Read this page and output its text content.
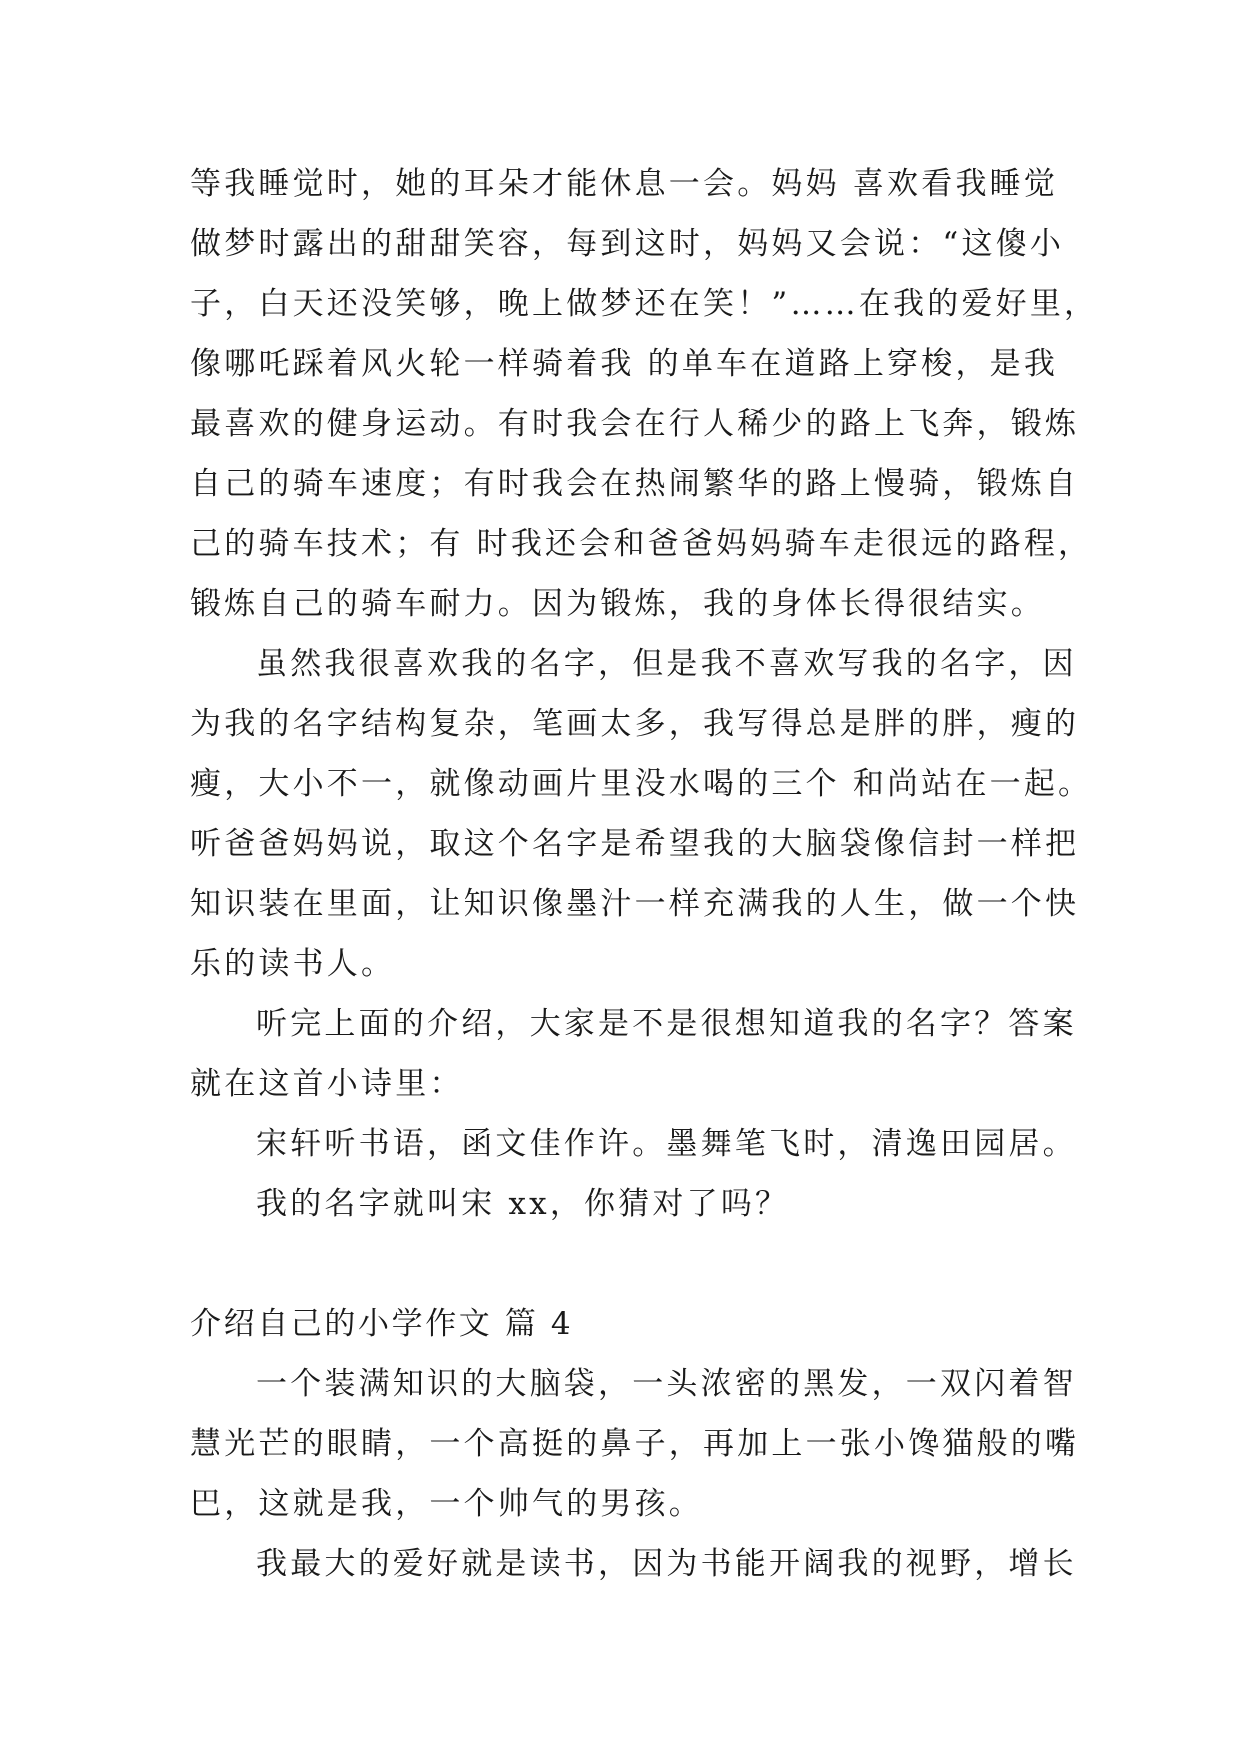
等我睡觉时，她的耳朵才能休息一会。妈妈 喜欢看我睡觉
做梦时露出的甜甜笑容，每到这时，妈妈又会说：“这傻小
子，白天还没笑够，晚上做梦还在笑！”……在我的爱好里，
像哪吒踩着风火轮一样骑着我 的单车在道路上穿梭，是我
最喜欢的健身运动。有时我会在行人稀少的路上飞奔，锻炼
自己的骑车速度；有时我会在热闹繁华的路上慢骑，锻炼自
己的骑车技术；有 时我还会和爸爸妈妈骑车走很远的路程，
锻炼自己的骑车耐力。因为锻炼，我的身体长得很结实。
虽然我很喜欢我的名字，但是我不喜欢写我的名字，因
为我的名字结构复杂，笔画太多，我写得总是胖的胖，瘦的
瘦，大小不一，就像动画片里没水喝的三个 和尚站在一起。
听爸爸妈妈说，取这个名字是希望我的大脑袋像信封一样把
知识装在里面，让知识像墨汁一样充满我的人生，做一个快
乐的读书人。
听完上面的介绍，大家是不是很想知道我的名字？答案
就在这首小诗里：
宋轩听书语，函文佳作许。墨舞笔飞时，清逸田园居。
我的名字就叫宋 xx，你猜对了吗？
介绍自己的小学作文 篇 4
一个装满知识的大脑袋，一头浓密的黑发，一双闪着智
慧光芒的眼睛，一个高挺的鼻子，再加上一张小馋猫般的嘴
巴，这就是我，一个帅气的男孩。
我最大的爱好就是读书，因为书能开阔我的视野，增长
